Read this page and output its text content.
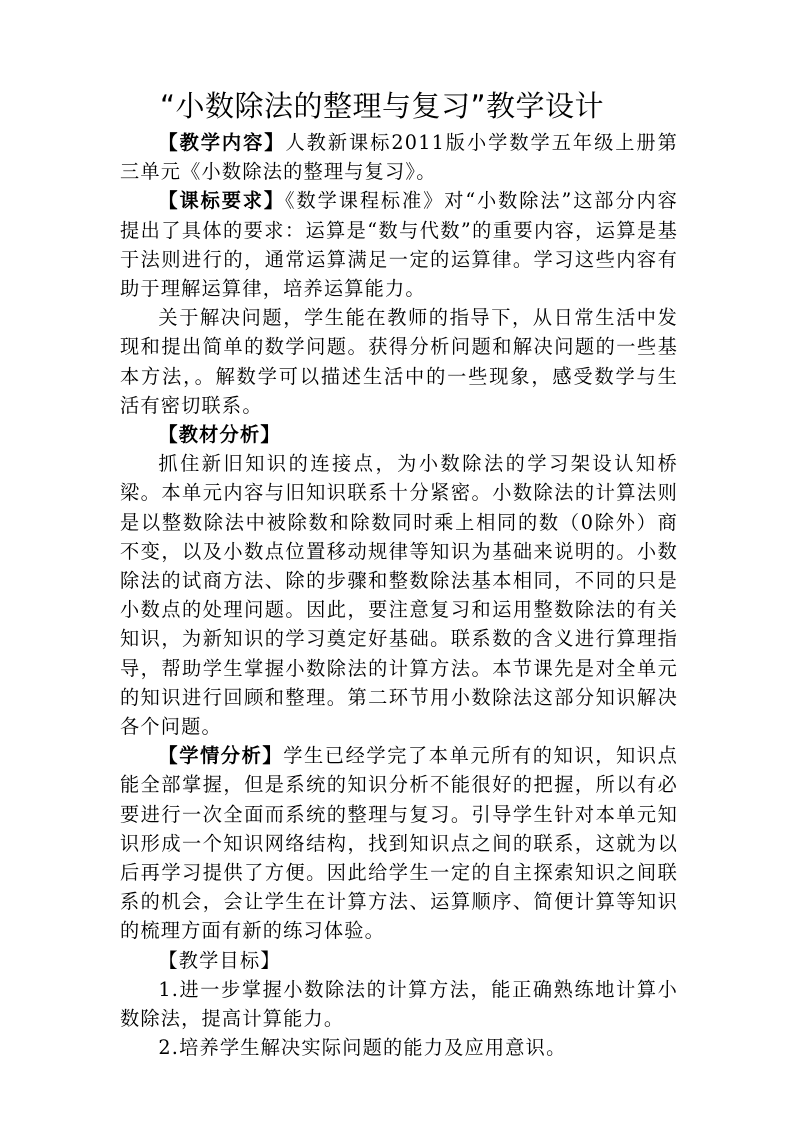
“小数除法的整理与复习”教学设计

【教学内容】人教新课标2011版小学数学五年级上册第三单元《小数除法的整理与复习》。

【课标要求】《数学课程标准》对“小数除法”这部分内容提出了具体的要求：运算是“数与代数”的重要内容，运算是基于法则进行的，通常运算满足一定的运算律。学习这些内容有助于理解运算律，培养运算能力。

关于解决问题，学生能在教师的指导下，从日常生活中发现和提出简单的数学问题。获得分析问题和解决问题的一些基本方法，。解数学可以描述生活中的一些现象，感受数学与生活有密切联系。

【教材分析】

抓住新旧知识的连接点，为小数除法的学习架设认知桥梁。本单元内容与旧知识联系十分紧密。小数除法的计算法则是以整数除法中被除数和除数同时乘上相同的数（0除外）商不变，以及小数点位置移动规律等知识为基础来说明的。小数除法的试商方法、除的步骤和整数除法基本相同，不同的只是小数点的处理问题。因此，要注意复习和运用整数除法的有关知识，为新知识的学习奠定好基础。联系数的含义进行算理指导，帮助学生掌握小数除法的计算方法。本节课先是对全单元的知识进行回顾和整理。第二环节用小数除法这部分知识解决各个问题。

【学情分析】学生已经学完了本单元所有的知识，知识点能全部掌握，但是系统的知识分析不能很好的把握，所以有必要进行一次全面而系统的整理与复习。引导学生针对本单元知识形成一个知识网络结构，找到知识点之间的联系，这就为以后再学习提供了方便。因此给学生一定的自主探索知识之间联系的机会，会让学生在计算方法、运算顺序、简便计算等知识的梳理方面有新的练习体验。

【教学目标】

1.进一步掌握小数除法的计算方法，能正确熟练地计算小数除法，提高计算能力。

2.培养学生解决实际问题的能力及应用意识。
